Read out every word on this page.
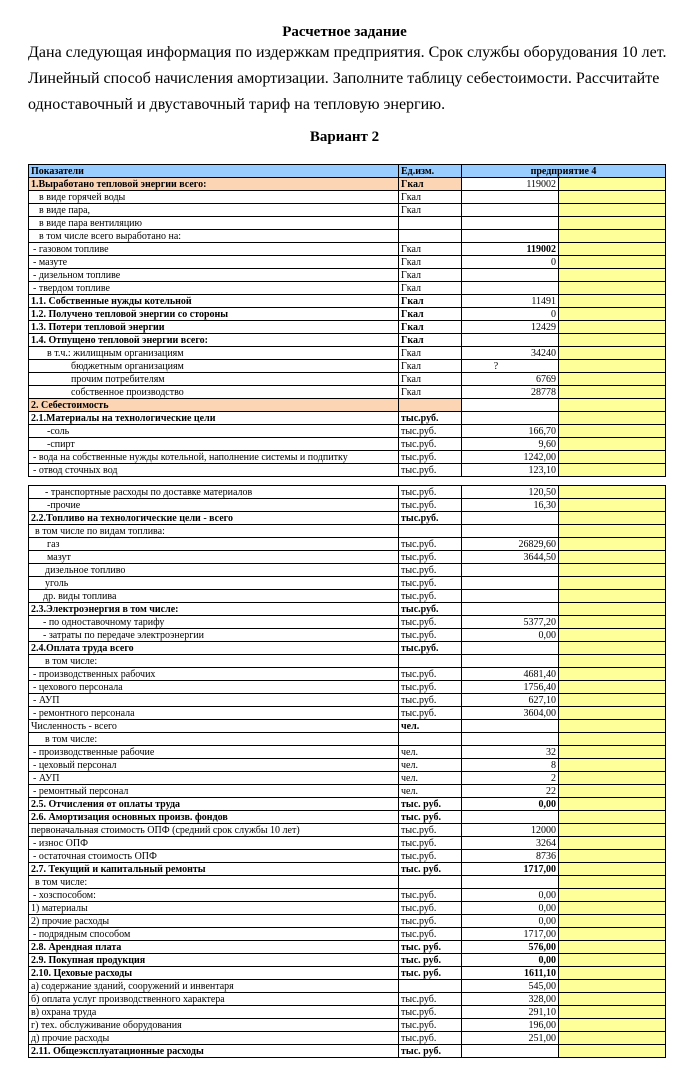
Расчетное задание
Дана следующая информация по издержкам предприятия. Срок службы оборудования 10 лет. Линейный способ начисления амортизации. Заполните таблицу себестоимости. Рассчитайте одноставочный и двуставочный тариф на тепловую энергию.
Вариант 2
Показатели	Ед.изм.	предприятие 4	
1.Выработано тепловой энергии всего:	Гкал	119002	
в виде горячей воды	Гкал		
в виде пара,	Гкал		
в виде пара вентиляцию			
в том числе всего выработано на:			
- газовом топливе	Гкал	119002	
- мазуте	Гкал	0	
- дизельном топливе	Гкал		
- твердом топливе	Гкал		
1.1. Собственные нужды котельной	Гкал	11491	
1.2. Получено тепловой энергии со стороны	Гкал	0	
1.3. Потери тепловой энергии	Гкал	12429	
1.4. Отпущено тепловой энергии всего:	Гкал		
в т.ч.: жилищным организациям	Гкал	34240	
бюджетным организациям	Гкал	?	
прочим потребителям	Гкал	6769	
собственное производство	Гкал	28778	
2. Себестоимость			
2.1.Материалы на технологические цели	тыс.руб.		
-соль	тыс.руб.	166,70	
-спирт	тыс.руб.	9,60	
- вода на собственные нужды котельной, наполнение системы и подпитку	тыс.руб.	1242,00	
- отвод сточных вод	тыс.руб.	123,10	

- транспортные расходы по доставке материалов	тыс.руб.	120,50	
-прочие	тыс.руб.	16,30	
2.2.Топливо на технологические цели - всего	тыс.руб.		
в том числе по видам топлива:			
газ	тыс.руб.	26829,60	
мазут	тыс.руб.	3644,50	
дизельное топливо	тыс.руб.		
уголь	тыс.руб.		
др. виды топлива	тыс.руб.		
2.3.Электроэнергия в том числе:	тыс.руб.		
- по одноставочному тарифу	тыс.руб.	5377,20	
- затраты по передаче электроэнергии	тыс.руб.	0,00	
2.4.Оплата труда всего	тыс.руб.		
в том числе:			
- производственных рабочих	тыс.руб.	4681,40	
- цехового персонала	тыс.руб.	1756,40	
- АУП	тыс.руб.	627,10	
- ремонтного персонала	тыс.руб.	3604,00	
Численность - всего	чел.		
в том числе:			
- производственные рабочие	чел.	32	
- цеховый персонал	чел.	8	
- АУП	чел.	2	
- ремонтный персонал	чел.	22	
2.5. Отчисления от оплаты труда	тыс. руб.	0,00	
2.6. Амортизация основных произв. фондов	тыс. руб.		
первоначальная стоимость ОПФ (средний срок службы 10 лет)	тыс.руб.	12000	
- износ ОПФ	тыс.руб.	3264	
- остаточная стоимость ОПФ	тыс.руб.	8736	
2.7. Текущий и капитальный ремонты	тыс. руб.	1717,00	
в том числе:			
- хозспособом:	тыс.руб.	0,00	
1) материалы	тыс.руб.	0,00	
2) прочие расходы	тыс.руб.	0,00	
- подрядным способом	тыс.руб.	1717,00	
2.8. Арендная плата	тыс. руб.	576,00	
2.9. Покупная продукция	тыс. руб.	0,00	
2.10. Цеховые расходы	тыс. руб.	1611,10	
а) содержание зданий, сооружений и инвентаря		545,00	
б) оплата услуг производственного характера	тыс.руб.	328,00	
в) охрана труда	тыс.руб.	291,10	
г) тех. обслуживание оборудования	тыс.руб.	196,00	
д) прочие расходы	тыс.руб.	251,00	
2.11. Общеэксплуатационные расходы	тыс. руб.		
